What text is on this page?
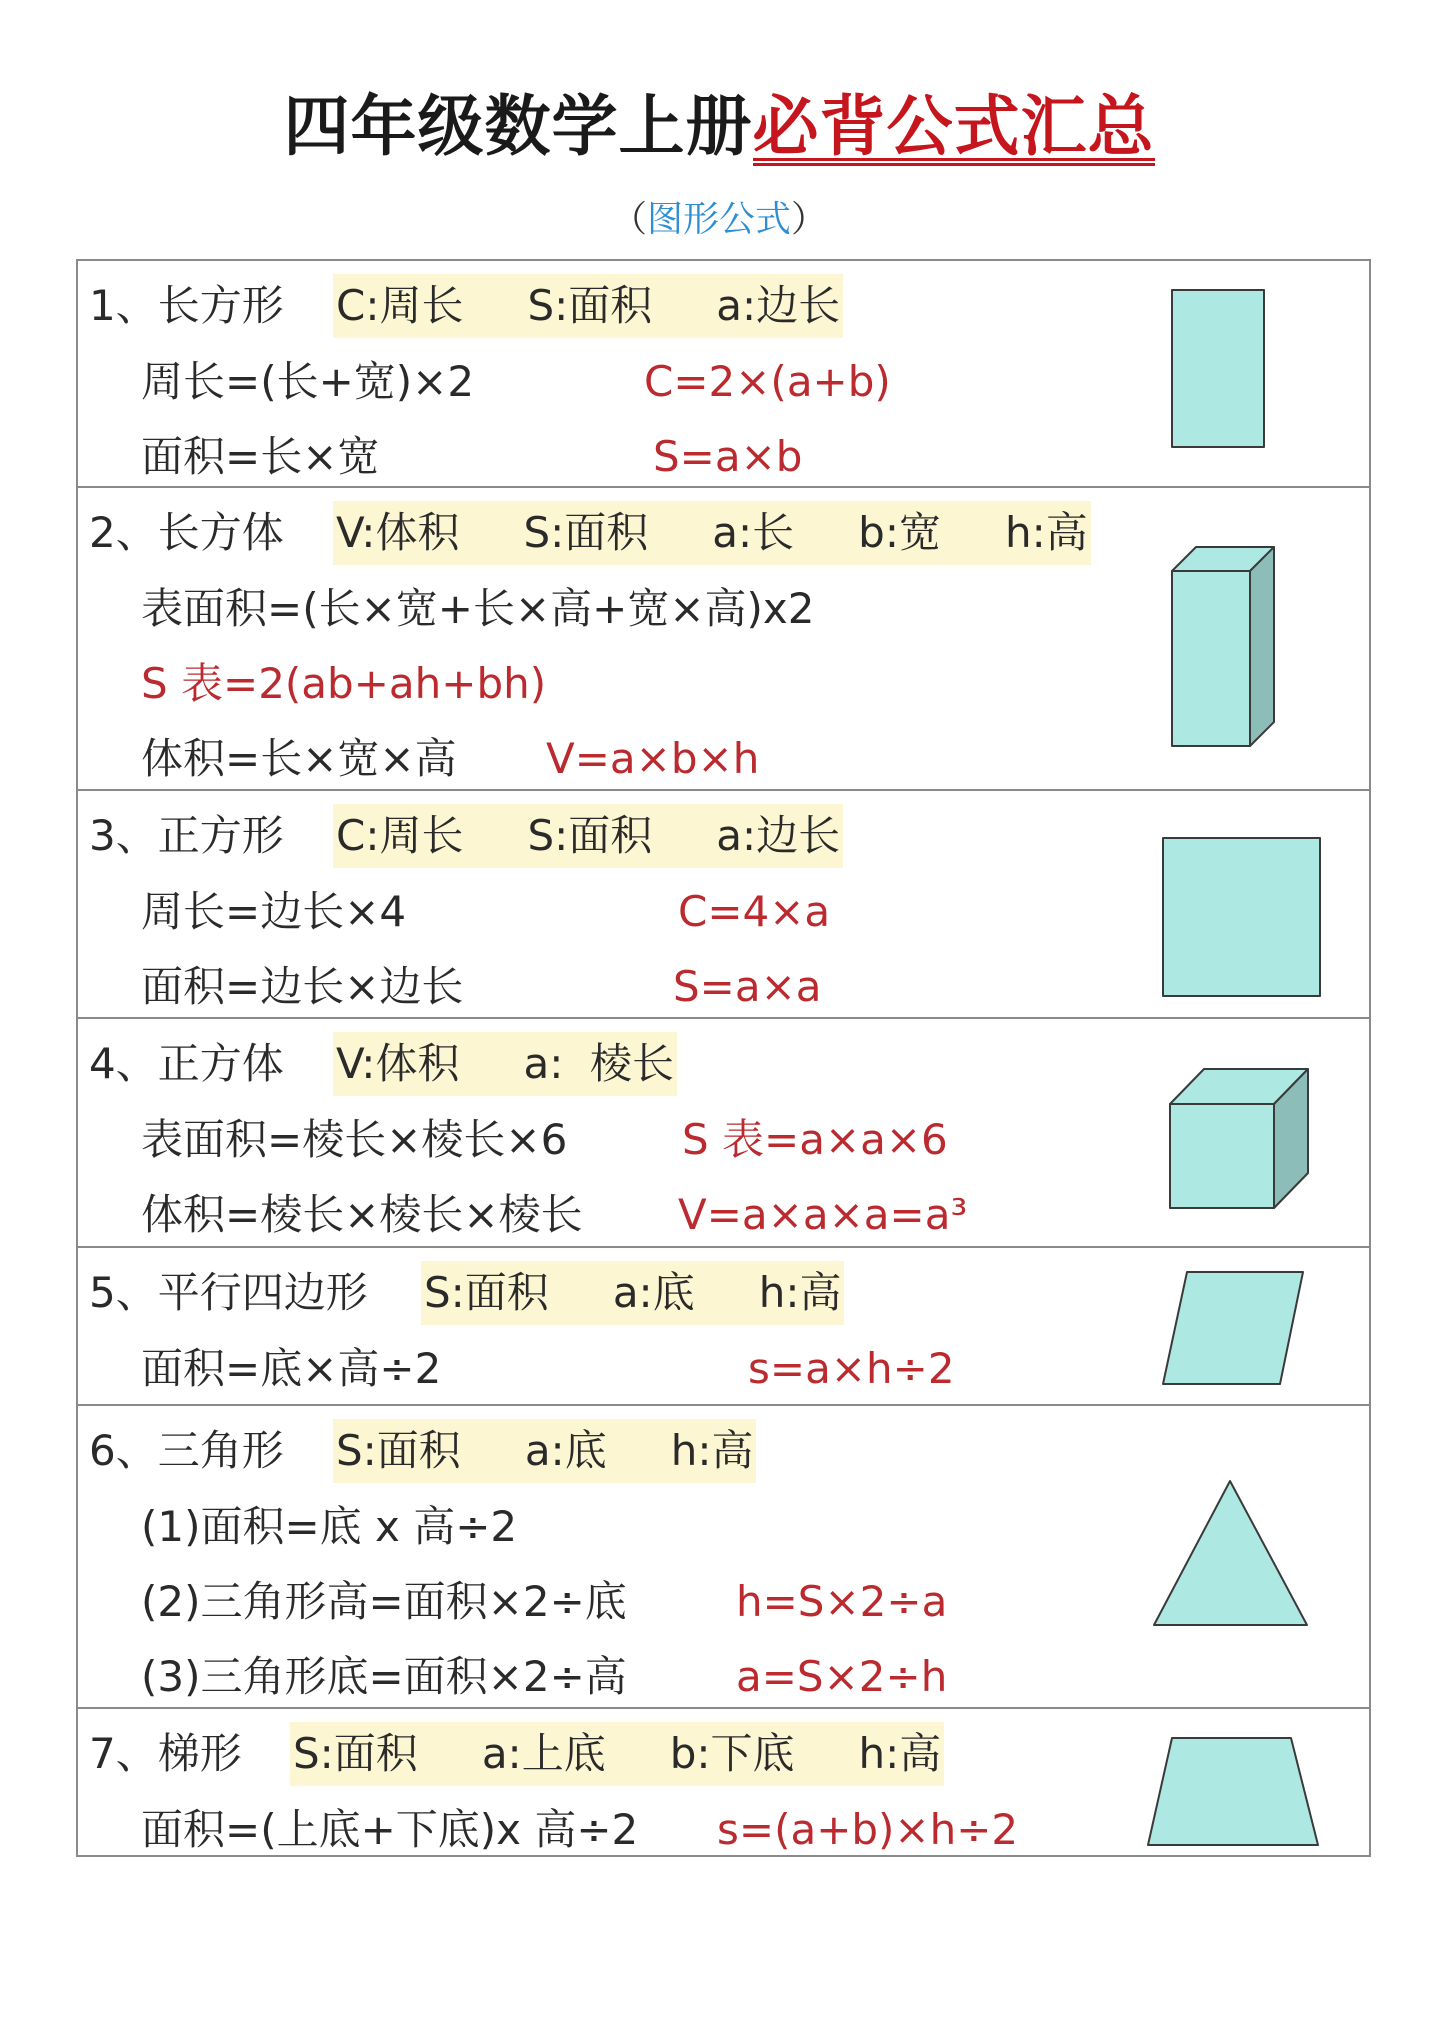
四年级数学上册必背公式汇总
（图形公式）
1、长方形 C:周长 S:面积 a:边长
周长=(长+宽)×2	C=2×(a+b)
面积=长×宽	S=a×b
2、长方体 V:体积 S:面积 a:长 b:宽 h:高
表面积=(长×宽+长×高+宽×高)x2
S 表=2(ab+ah+bh)
体积=长×宽×高 V=a×b×h
3、正方形 C:周长 S:面积 a:边长
周长=边长×4	C=4×a
面积=边长×边长	S=a×a
4、正方体 V:体积 a:  棱长
表面积=棱长×棱长×6	S 表=a×a×6
体积=棱长×棱长×棱长 V=a×a×a=a³
5、平行四边形 S:面积 a:底 h:高
面积=底×高÷2	s=a×h÷2
6、三角形 S:面积 a:底 h:高
(1)面积=底 x 高÷2
(2)三角形高=面积×2÷底	h=S×2÷a
(3)三角形底=面积×2÷高	a=S×2÷h
7、梯形 S:面积 a:上底 b:下底 h:高
面积=(上底+下底)x 高÷2 s=(a+b)×h÷2
